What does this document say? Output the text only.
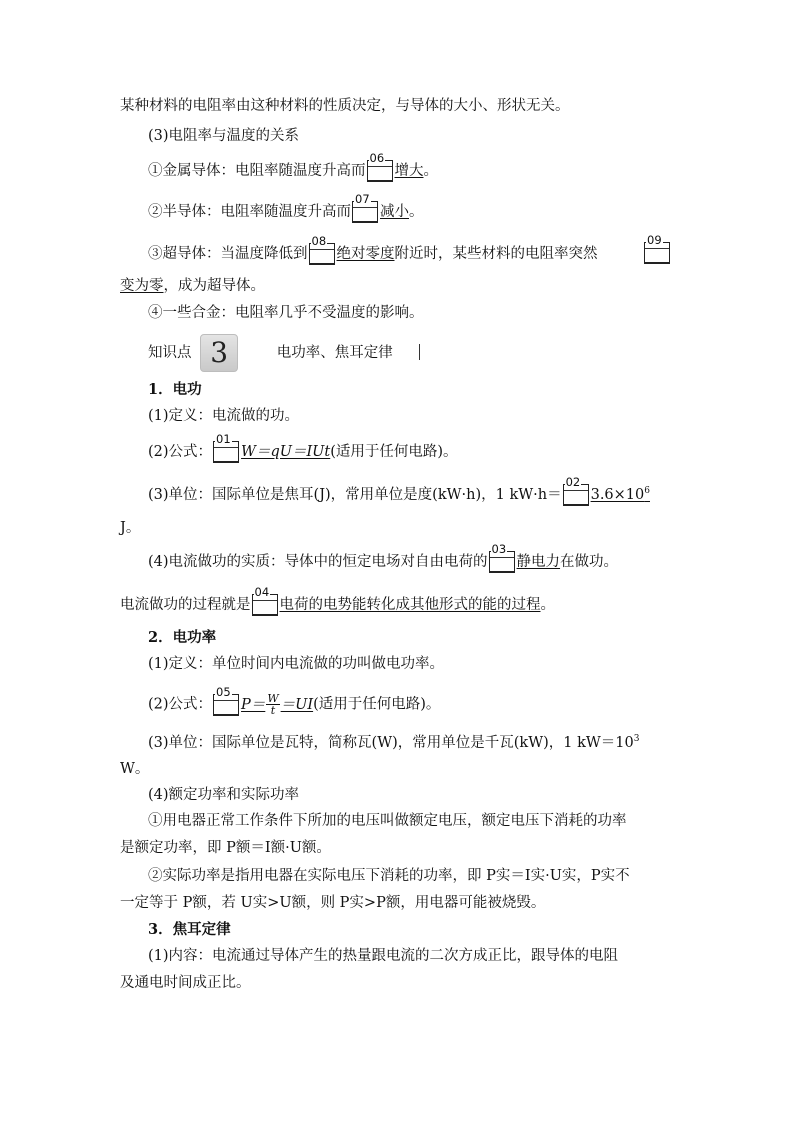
某种材料的电阻率由这种材料的性质决定，与导体的大小、形状无关。
(3)电阻率与温度的关系
①金属导体：电阻率随温度升高而
06
增大。
②半导体：电阻率随温度升高而
07
减小。
③超导体：当温度降低到
08
绝对零度附近时，某些材料的电阻率突然
09
变为零，成为超导体。
④一些合金：电阻率几乎不受温度的影响。
知识点 3	电功率、焦耳定律
1．电功
(1)定义：电流做的功。
(2)公式：
01
W＝qU＝IUt(适用于任何电路)。
(3)单位：国际单位是焦耳(J)，常用单位是度(kW·h)，1 kW·h＝
02
$3.6\times 10^6$
J。
(4)电流做功的实质：导体中的恒定电场对自由电荷的
03
静电力在做功。
电流做功的过程就是
04
电荷的电势能转化成其他形式的能的过程。
2．电功率
(1)定义：单位时间内电流做的功叫做电功率。
(2)公式：
05
$P= \frac{W}{t} =UI$(适用于任何电路)。
(3)单位：国际单位是瓦特，简称瓦(W)，常用单位是千瓦(kW)，1 $kW=10^3$
W。
(4)额定功率和实际功率
①用电器正常工作条件下所加的电压叫做额定电压，额定电压下消耗的功率
是额定功率，即 P额＝I额·U额。
②实际功率是指用电器在实际电压下消耗的功率，即 P实＝I实·U实，P实不
一定等于 P额，若 U实>U额，则 P实>P额，用电器可能被烧毁。
3．焦耳定律
(1)内容：电流通过导体产生的热量跟电流的二次方成正比，跟导体的电阻
及通电时间成正比。
